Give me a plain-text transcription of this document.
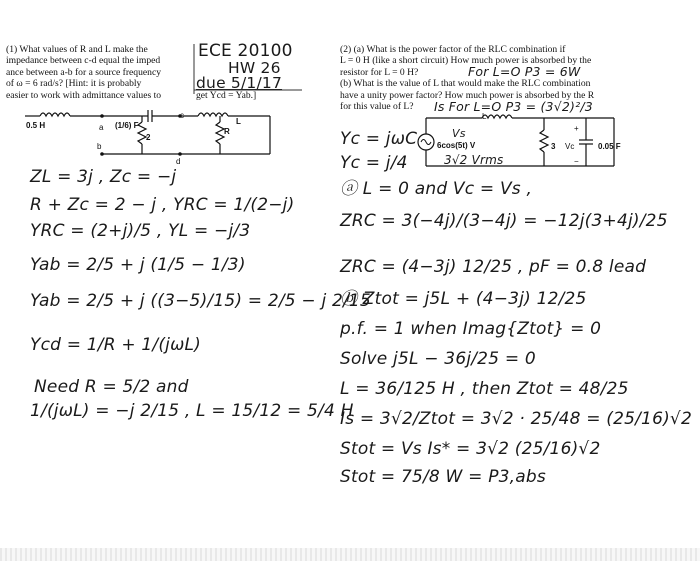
(1) What values of R and L make the
impedance between c-d equal the imped
ance between a-b for a source frequency
of ω = 6 rad/s? [Hint: it is probably
easier to work with admittance values to	get Ycd = Yab.]
ECE 20100
HW 26
due 5/1/17
0.5 H	a (1/6) F
c
2
R
L
b
d
ZL = 3j , Zc = −j
R + Zc = 2 − j , YRC = 1/(2−j)
YRC = (2+j)/5 , YL = −j/3
Yab = 2/5 + j (1/5 − 1/3)
Yab = 2/5 + j ((3−5)/15) = 2/5 − j 2/15
Ycd = 1/R + 1/(jωL)
Need R = 5/2 and
1/(jωL) = −j 2/15 , L = 15/12 = 5/4 H
(2) (a) What is the power factor of the RLC combination if
L = 0 H (like a short circuit) How much power is absorbed by the
resistor for L = 0 H?
(b) What is the value of L that would make the RLC combination
have a unity power factor? How much power is absorbed by the R
for this value of L?
For L=O P3 = 6W
Is For L=O P3 = (3√2)²/3
Vs
L
6cos(5t) V
3√2 Vrms
+
3 Vc	0.05 F
−
Yc = jωC
Yc = j/4
ⓐ L = 0 and Vc = Vs ,
ZRC = 3(−4j)/(3−4j) = −12j(3+4j)/25
ZRC = (4−3j) 12/25 , pF = 0.8 lead
ⓑ Ztot = j5L + (4−3j) 12/25
p.f. = 1 when Imag{Ztot} = 0
Solve j5L − 36j/25 = 0
L = 36/125 H , then Ztot = 48/25
Is = 3√2/Ztot = 3√2 · 25/48 = (25/16)√2
Stot = Vs Is* = 3√2 (25/16)√2
Stot = 75/8 W = P3,abs
